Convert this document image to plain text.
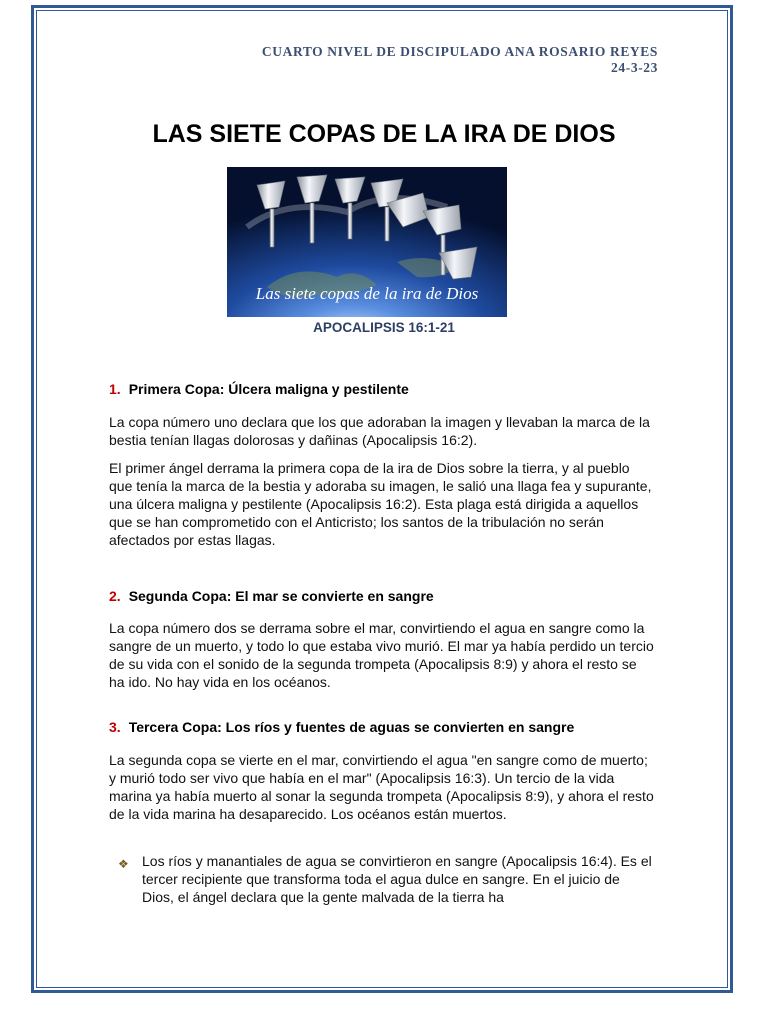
CUARTO NIVEL DE DISCIPULADO ANA ROSARIO REYES
24-3-23
LAS SIETE COPAS DE LA IRA DE DIOS
Las siete copas de la ira de Dios
APOCALIPSIS 16:1-21
1. Primera Copa: Úlcera maligna y pestilente

La copa número uno declara que los que adoraban la imagen y llevaban la marca de la bestia tenían llagas dolorosas y dañinas (Apocalipsis 16:2).

El primer ángel derrama la primera copa de la ira de Dios sobre la tierra, y al pueblo que tenía la marca de la bestia y adoraba su imagen, le salió una llaga fea y supurante, una úlcera maligna y pestilente (Apocalipsis 16:2). Esta plaga está dirigida a aquellos que se han comprometido con el Anticristo; los santos de la tribulación no serán afectados por estas llagas.

2. Segunda Copa: El mar se convierte en sangre

La copa número dos se derrama sobre el mar, convirtiendo el agua en sangre como la sangre de un muerto, y todo lo que estaba vivo murió. El mar ya había perdido un tercio de su vida con el sonido de la segunda trompeta (Apocalipsis 8:9) y ahora el resto se ha ido. No hay vida en los océanos.

3. Tercera Copa: Los ríos y fuentes de aguas se convierten en sangre

La segunda copa se vierte en el mar, convirtiendo el agua "en sangre como de muerto; y murió todo ser vivo que había en el mar" (Apocalipsis 16:3). Un tercio de la vida marina ya había muerto al sonar la segunda trompeta (Apocalipsis 8:9), y ahora el resto de la vida marina ha desaparecido. Los océanos están muertos.

❖ Los ríos y manantiales de agua se convirtieron en sangre (Apocalipsis 16:4). Es el tercer recipiente que transforma toda el agua dulce en sangre. En el juicio de Dios, el ángel declara que la gente malvada de la tierra ha
